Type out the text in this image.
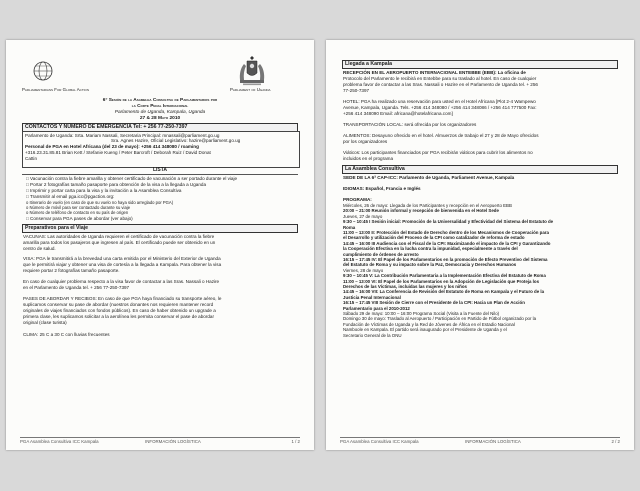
Parliamentarians For Global Action	Parliament of Uganda
6° Sesión de la Asamblea Consultiva de Parlamentarios por
la Corte Penal Internacional
Parlamento de Uganda, Kampala, Uganda
27 & 28 Mayo 2010
CONTACTOS Y NÚMERO DE EMERGENCIA Tel: + 256 77-250-7397
Parlamento de Uganda: Srta. Mariam Nassali, Secretaria Principal: mnassali@parliament.go.ug
Sra. Agnes Hazire, Oficial Legislativo: hazire@parliament.go.ug
Personal de PGA en Hotel Africana (del 23 de mayo): +256 414 348080 / roaming
+316.23.31.85.81 Brian Kett / Stefanie Kueng / Peter Barcroft / Deborah Ruiz / David Donat
Cattin
LISTA
□ Vacunación contra la fiebre amarilla y obtener certificado de vacunación a ser portado durante el viaje
□ Portar 2 fotografías tamaño pasaporte para obtención de la visa a la llegada a Uganda
□ Imprimir y portar carta para la visa y la invitación a la Asamblea Consultiva
□ Transmitir al email pga.icc@pgaction.org:
o Itinerario de vuelo (en caso de que su vuelo no haya sido arreglado por PGA)
o Número de móvil para ser contactado durante su viaje
o Número de teléfono de contacto en su país de origen
□ Conservar para PGA pases de abordar (ver abajo)
Preparativos para el Viaje
VACUNAS: Las autoridades de Uganda requieren el certificado de vacunación contra la fiebre
amarilla para todos los pasajeros que ingresen al país. El certificado puede ser obtenido en un
centro de salud.
VISA: PGA le transmitirá a la brevedad una carta emitida por el Ministerio del Exterior de Uganda
que le permitirá viajar y obtener una visa de cortesía a la llegada a Kampala. Para obtener la visa
requiere portar 2 fotografías tamaño pasaporte.
En caso de cualquier problema respecto a la visa favor de contactar a las Sras. Nassali o Hazire
en el Parlamento de Uganda tel. + 256 77-250-7397
PASES DE ABORDAR Y RECIBOS: En caso de que PGA haya financiado su transporte aéreo, le
suplicamos conservar su pase de abordar (nuestros donantes nos requieren mantener record
originales de viajes financiados con fondos públicos). En caso de haber obtenido un upgrade a
primera clase, les suplicamos solicitar a la aerolínea les permita conservar el pase de abordar
original (clase turista)
CLIMA: 25 C a 30 C con lluvias frecuentes
PGA Asamblea Consultiva ICC Kampala	INFORMACIÓN LOGÍSTICA	1 / 2
Llegada a Kampala
RECEPCIÓN EN EL AEROPUERTO INTERNACIONAL ENTEBBE (EBB): La oficina de
Protocolo del Parlamento le recibirá en Entebbe para su traslado al hotel. En caso de cualquier
problema favor de contactar a las Sras. Nassali o Hazire en el Parlamento de Uganda tel. + 256
77-250-7397
HOTEL: PGA ha realizado una reservación para usted en el Hotel Africana [Plot 2-4 Wampewo
Avenue, Kampala, Uganda. Tels. +256 414 348080 / +256 414 348086 / +256 414 777500 Fax:
+256 414 348090 Email: africana@hotelafricana.com]
TRANSPORTACIÓN LOCAL: será ofrecida por los organizadores
ALIMENTOS: Desayuno ofrecido en el hotel. Almuerzos de trabajo el 27 y 28 de Mayo ofrecidos
por los organizadores
Viáticos: Los participantes financiados por PGA recibirán viáticos para cubrir los alimentos no
incluidos en el programa
La Asamblea Consultiva
SEDE DE LA 6ª CAP-ICC: Parlamento de Uganda, Parliament Avenue, Kampala
IDIOMAS: Español, Francia e Inglés
PROGRAMA:
Miércoles, 26 de mayo: Llegada de los Participantes y recepción en el Aeropuerto EBB
20:00 – 21:00 Reunión informal y recepción de bienvenida en el Hotel Sede
Jueves, 27 de mayo
9:30 – 10:45 I Sesión inicial: Promoción de la Universalidad y Efectividad del Sistema del Estatuto de
Roma
11:00 – 13:00 II: Protección del Estado de Derecho dentro de los Mecanismos de Cooperación para
el Desarrollo y utilización del Proceso de la CPI como catalizador de reforma de estado
14:45 – 16:00 III Audiencia con el Fiscal de la CPI: Maximizando el impacto de la CPI y Garantizando
la Cooperación Efectiva en la lucha contra la impunidad, especialmente a través del
cumplimiento de órdenes de arresto
16:15 – 17:45 IV: El Papel de los Parlamentarios en la promoción de Efecto Preventivo del Sistema
del Estatuto de Roma y su impacto sobre la Paz, Democracia y Derechos Humanos
Viernes, 28 de mayo
9:30 – 10:45 V: La Contribución Parlamentaria a la Implementación Efectiva del Estatuto de Roma
11:00 – 13:00 VI: El Papel de los Parlamentarios en la Adopción de Legislación que Proteja los
Derechos de las Víctimas, incluidas las mujeres y los niños
14:45 – 16:00 VII: La Conferencia de Revisión del Estatuto de Roma en Kampala y el Futuro de la
Justicia Penal Internacional
16:15 – 17:45 VIII Sesión de Cierre con el Presidente de la CPI: Hacia un Plan de Acción
Parlamentario para el 2010-2012
Sábado 29 de mayo: 10:00 – 16:00 Programa Social (Visita a la Fuente del Nilo)
Domingo 30 de mayo: Traslado al Aeropuerto / Participación en Partido de Fútbol organizado por la
Fundación de Víctimas de Uganda y la Red de Jóvenes de África en el Estadio Nacional
Namboole en Kampala. El partido será inaugurado por el Presidente de Uganda y el
Secretario General de la ONU
PGA Asamblea Consultiva ICC Kampala	INFORMACIÓN LOGÍSTICA	2 / 2
